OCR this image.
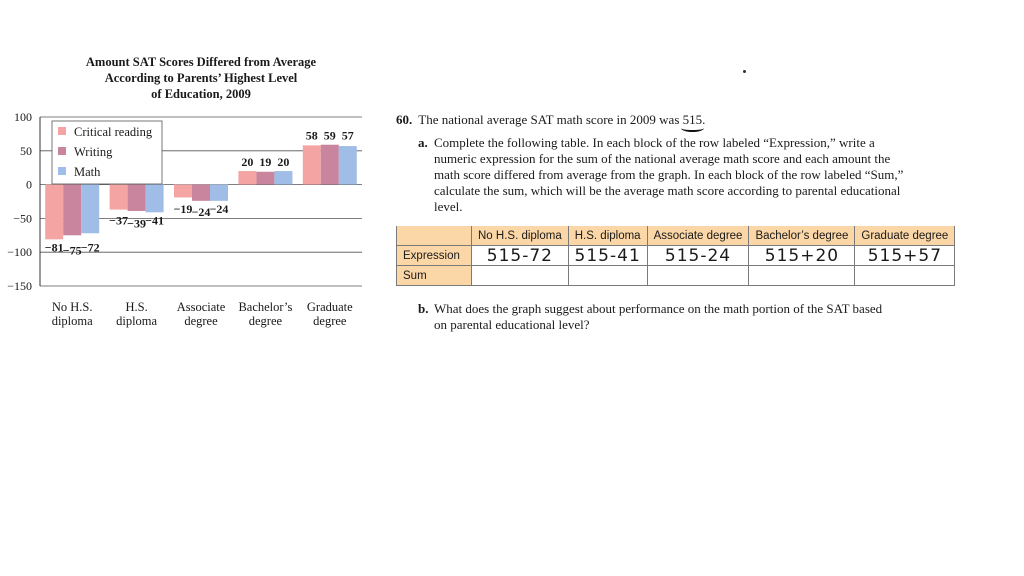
Amount SAT Scores Differed from Average
According to Parents’ Highest Level
of Education, 2009
100
50
0
−50
−100
−150
−81 −75 −72
No H.S.
diploma
−37 −39 −41
H.S.
diploma
−19 −24 −24
Associate
degree
20 19 20
Bachelor’s
degree
58 59 57
Graduate
degree
Critical reading
Writing
Math
60. The national average SAT math score in 2009 was 515.
a. Complete the following table. In each block of the row labeled “Expression,” write a numeric expression for the sum of the national average math score and each amount the math score differed from average from the graph. In each block of the row labeled “Sum,” calculate the sum, which will be the average math score according to parental educational level.
	No H.S. diploma	H.S. diploma	Associate degree	Bachelor’s degree	Graduate degree
Expression	515-72	515-41	515-24	515+20	515+57
Sum					
b. What does the graph suggest about performance on the math portion of the SAT based on parental educational level?
